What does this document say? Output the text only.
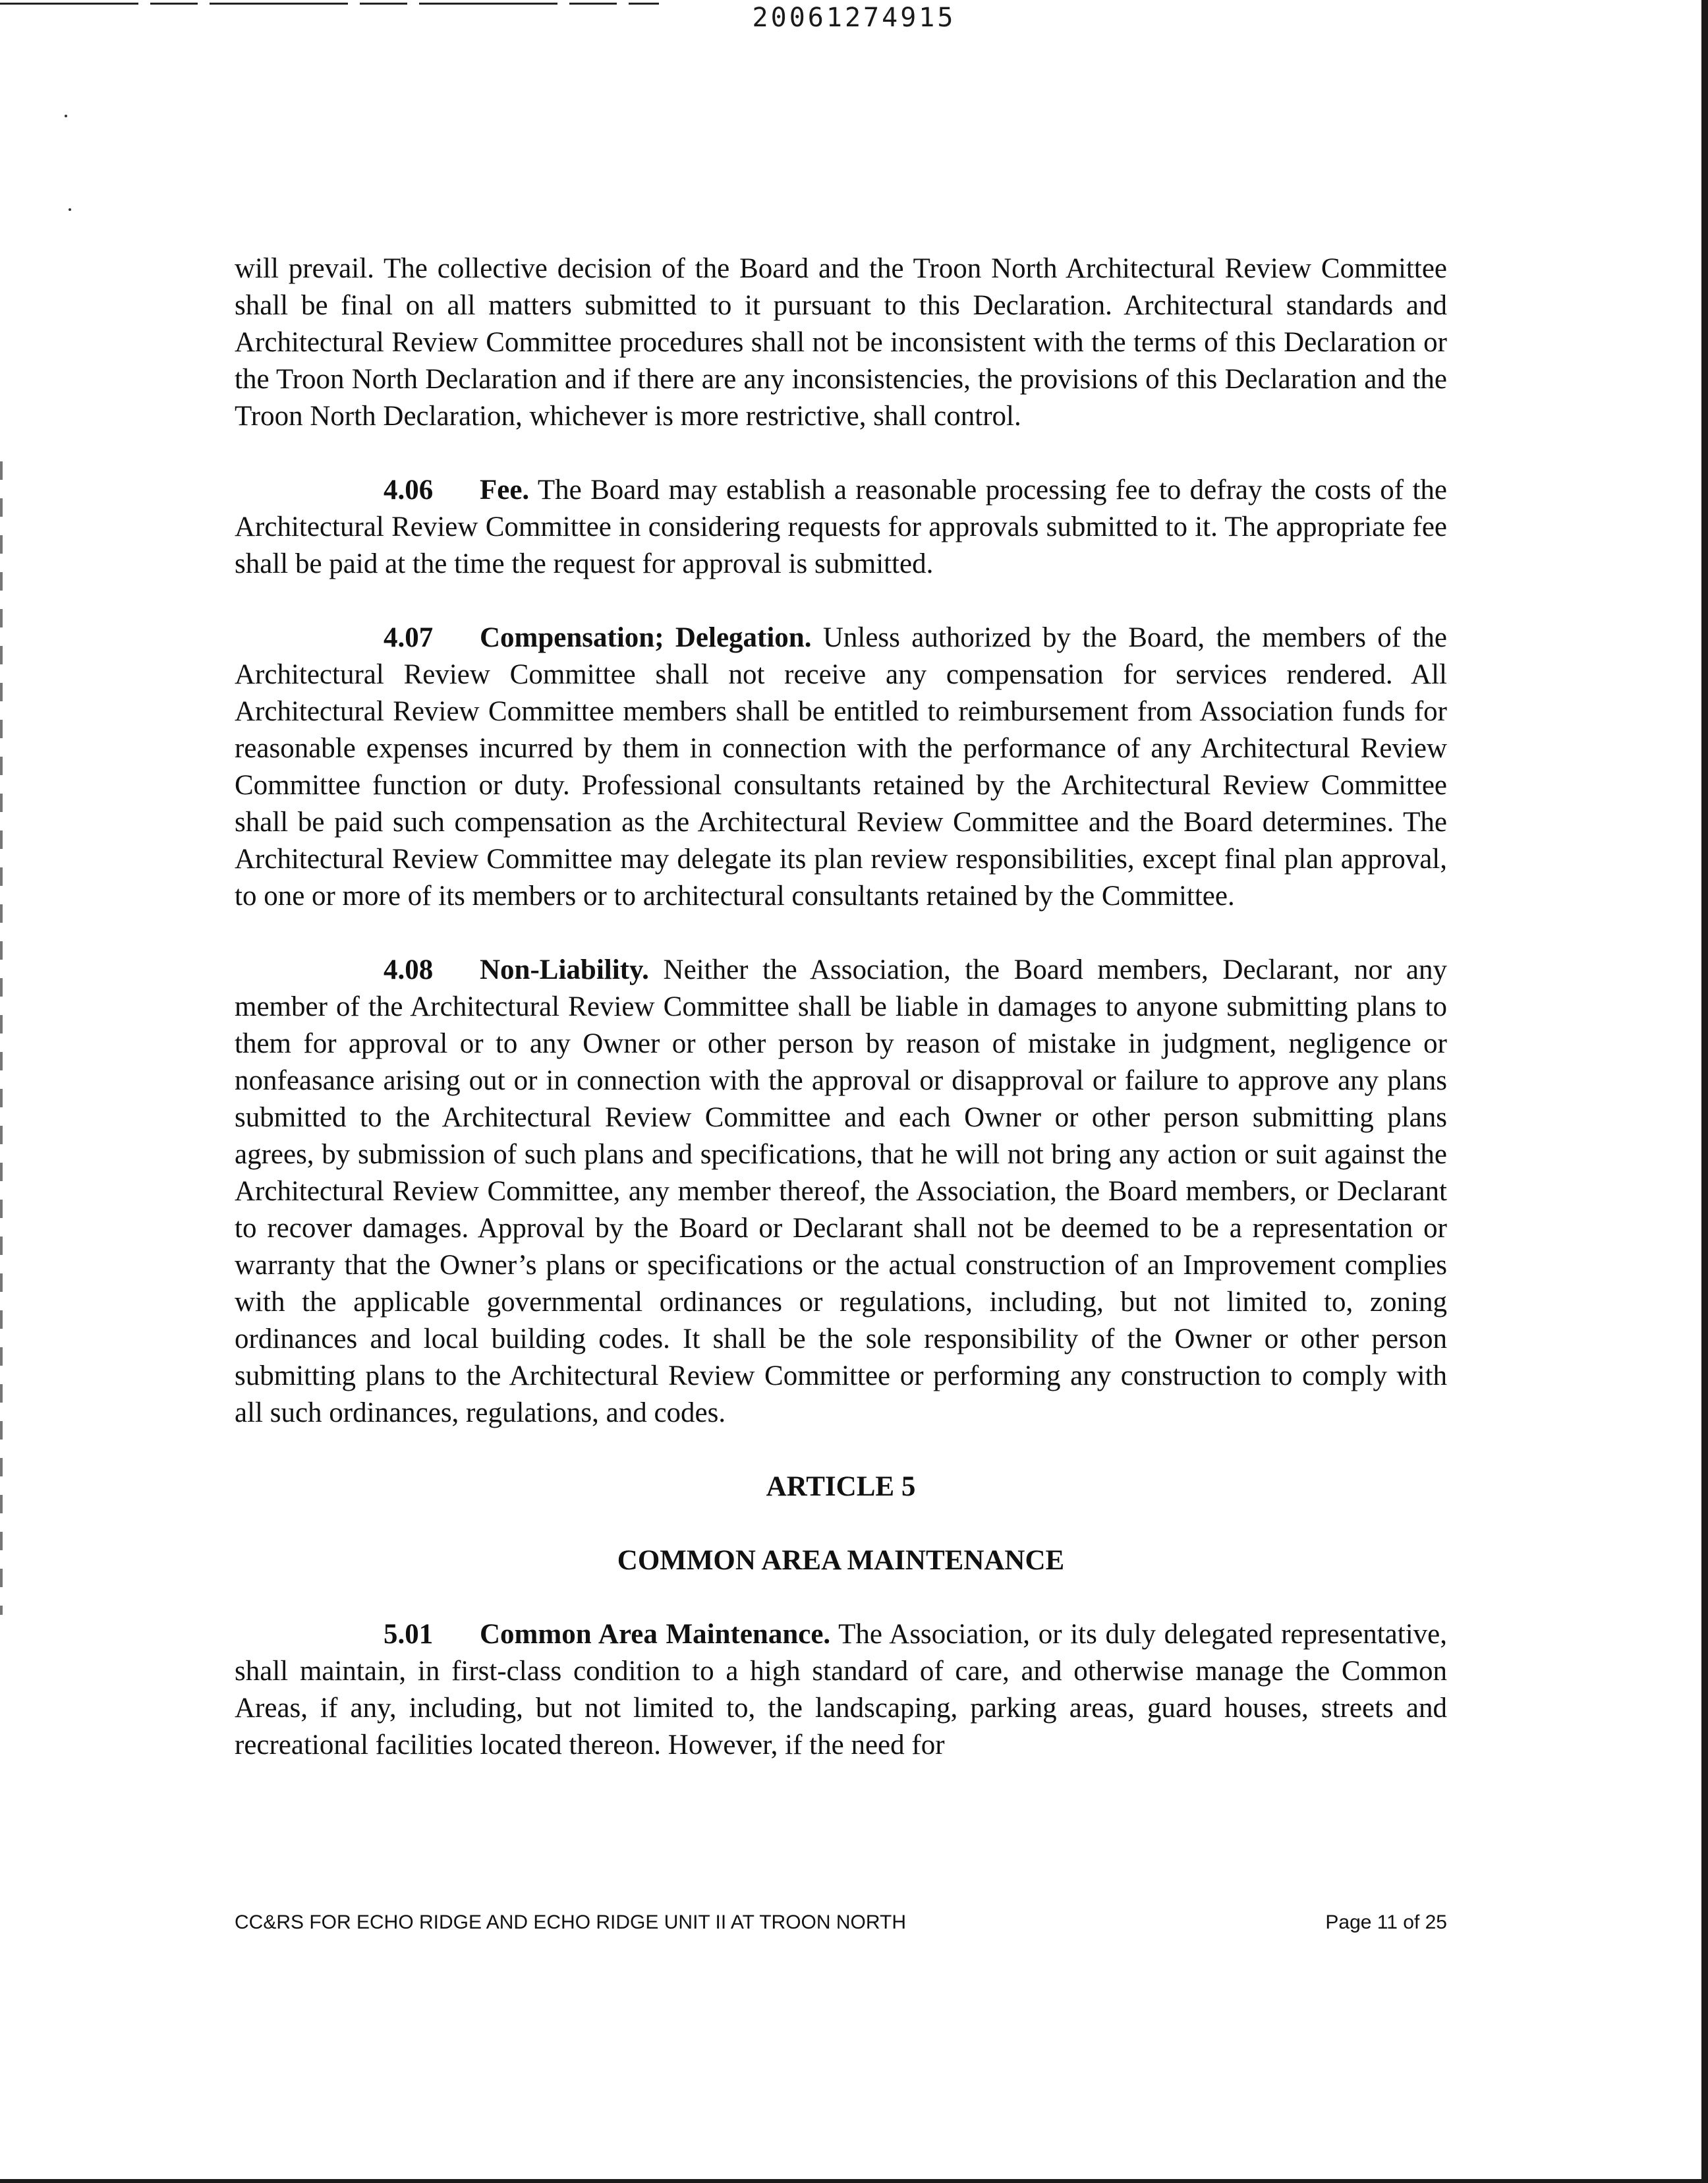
20061274915

will prevail. The collective decision of the Board and the Troon North Architectural Review Committee shall be final on all matters submitted to it pursuant to this Declaration. Architectural standards and Architectural Review Committee procedures shall not be inconsistent with the terms of this Declaration or the Troon North Declaration and if there are any inconsistencies, the provisions of this Declaration and the Troon North Declaration, whichever is more restrictive, shall control.

4.06 Fee. The Board may establish a reasonable processing fee to defray the costs of the Architectural Review Committee in considering requests for approvals submitted to it. The appropriate fee shall be paid at the time the request for approval is submitted.

4.07 Compensation; Delegation. Unless authorized by the Board, the members of the Architectural Review Committee shall not receive any compensation for services rendered. All Architectural Review Committee members shall be entitled to reimbursement from Association funds for reasonable expenses incurred by them in connection with the performance of any Architectural Review Committee function or duty. Professional consultants retained by the Architectural Review Committee shall be paid such compensation as the Architectural Review Committee and the Board determines. The Architectural Review Committee may delegate its plan review responsibilities, except final plan approval, to one or more of its members or to architectural consultants retained by the Committee.

4.08 Non-Liability. Neither the Association, the Board members, Declarant, nor any member of the Architectural Review Committee shall be liable in damages to anyone submitting plans to them for approval or to any Owner or other person by reason of mistake in judgment, negligence or nonfeasance arising out or in connection with the approval or disapproval or failure to approve any plans submitted to the Architectural Review Committee and each Owner or other person submitting plans agrees, by submission of such plans and specifications, that he will not bring any action or suit against the Architectural Review Committee, any member thereof, the Association, the Board members, or Declarant to recover damages. Approval by the Board or Declarant shall not be deemed to be a representation or warranty that the Owner’s plans or specifications or the actual construction of an Improvement complies with the applicable governmental ordinances or regulations, including, but not limited to, zoning ordinances and local building codes. It shall be the sole responsibility of the Owner or other person submitting plans to the Architectural Review Committee or performing any construction to comply with all such ordinances, regulations, and codes.

ARTICLE 5
COMMON AREA MAINTENANCE

5.01 Common Area Maintenance. The Association, or its duly delegated representative, shall maintain, in first-class condition to a high standard of care, and otherwise manage the Common Areas, if any, including, but not limited to, the landscaping, parking areas, guard houses, streets and recreational facilities located thereon. However, if the need for

CC&RS FOR ECHO RIDGE AND ECHO RIDGE UNIT II AT TROON NORTH	Page 11 of 25
